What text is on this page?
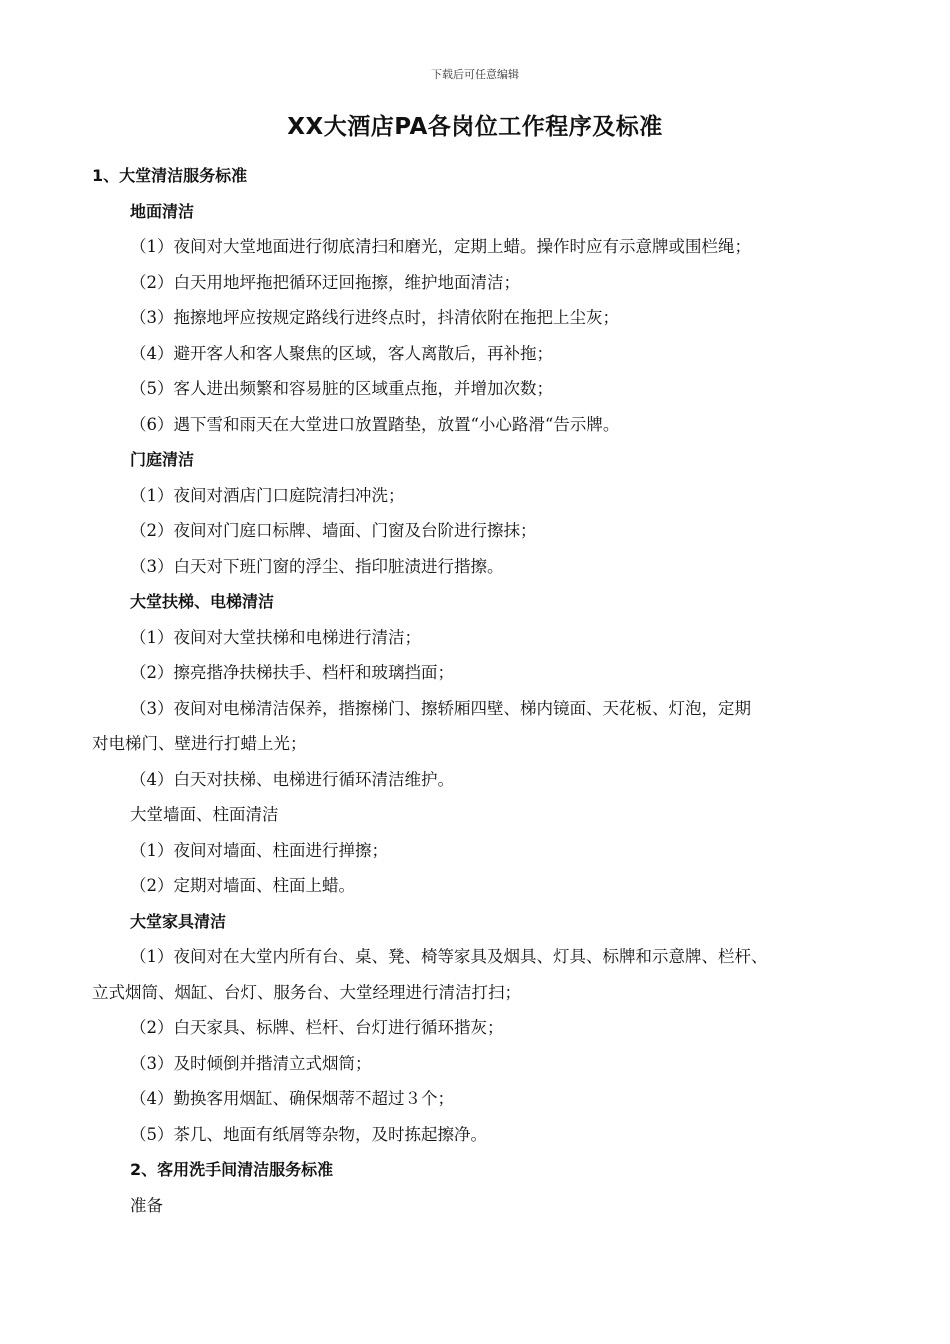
下载后可任意编辑
XX大酒店PA各岗位工作程序及标准
1、大堂清洁服务标准
地面清洁
（1）夜间对大堂地面进行彻底清扫和磨光，定期上蜡。操作时应有示意牌或围栏绳；
（2）白天用地坪拖把循环迂回拖擦，维护地面清洁；
（3）拖擦地坪应按规定路线行进终点时，抖清依附在拖把上尘灰；
（4）避开客人和客人聚焦的区域，客人离散后，再补拖；
（5）客人进出频繁和容易脏的区域重点拖，并增加次数；
（6）遇下雪和雨天在大堂进口放置踏垫，放置“小心路滑“告示牌。
门庭清洁
（1）夜间对酒店门口庭院清扫冲洗；
（2）夜间对门庭口标牌、墙面、门窗及台阶进行擦抹；
（3）白天对下班门窗的浮尘、指印脏渍进行揩擦。
大堂扶梯、电梯清洁
（1）夜间对大堂扶梯和电梯进行清洁；
（2）擦亮揩净扶梯扶手、档杆和玻璃挡面；
（3）夜间对电梯清洁保养，揩擦梯门、擦轿厢四壁、梯内镜面、天花板、灯泡，定期
对电梯门、壁进行打蜡上光；
（4）白天对扶梯、电梯进行循环清洁维护。
大堂墙面、柱面清洁
（1）夜间对墙面、柱面进行掸擦；
（2）定期对墙面、柱面上蜡。
大堂家具清洁
（1）夜间对在大堂内所有台、桌、凳、椅等家具及烟具、灯具、标牌和示意牌、栏杆、
立式烟筒、烟缸、台灯、服务台、大堂经理进行清洁打扫；
（2）白天家具、标牌、栏杆、台灯进行循环揩灰；
（3）及时倾倒并揩清立式烟筒；
（4）勤换客用烟缸、确保烟蒂不超过３个；
（5）茶几、地面有纸屑等杂物，及时拣起擦净。
2、客用洗手间清洁服务标准
准备
